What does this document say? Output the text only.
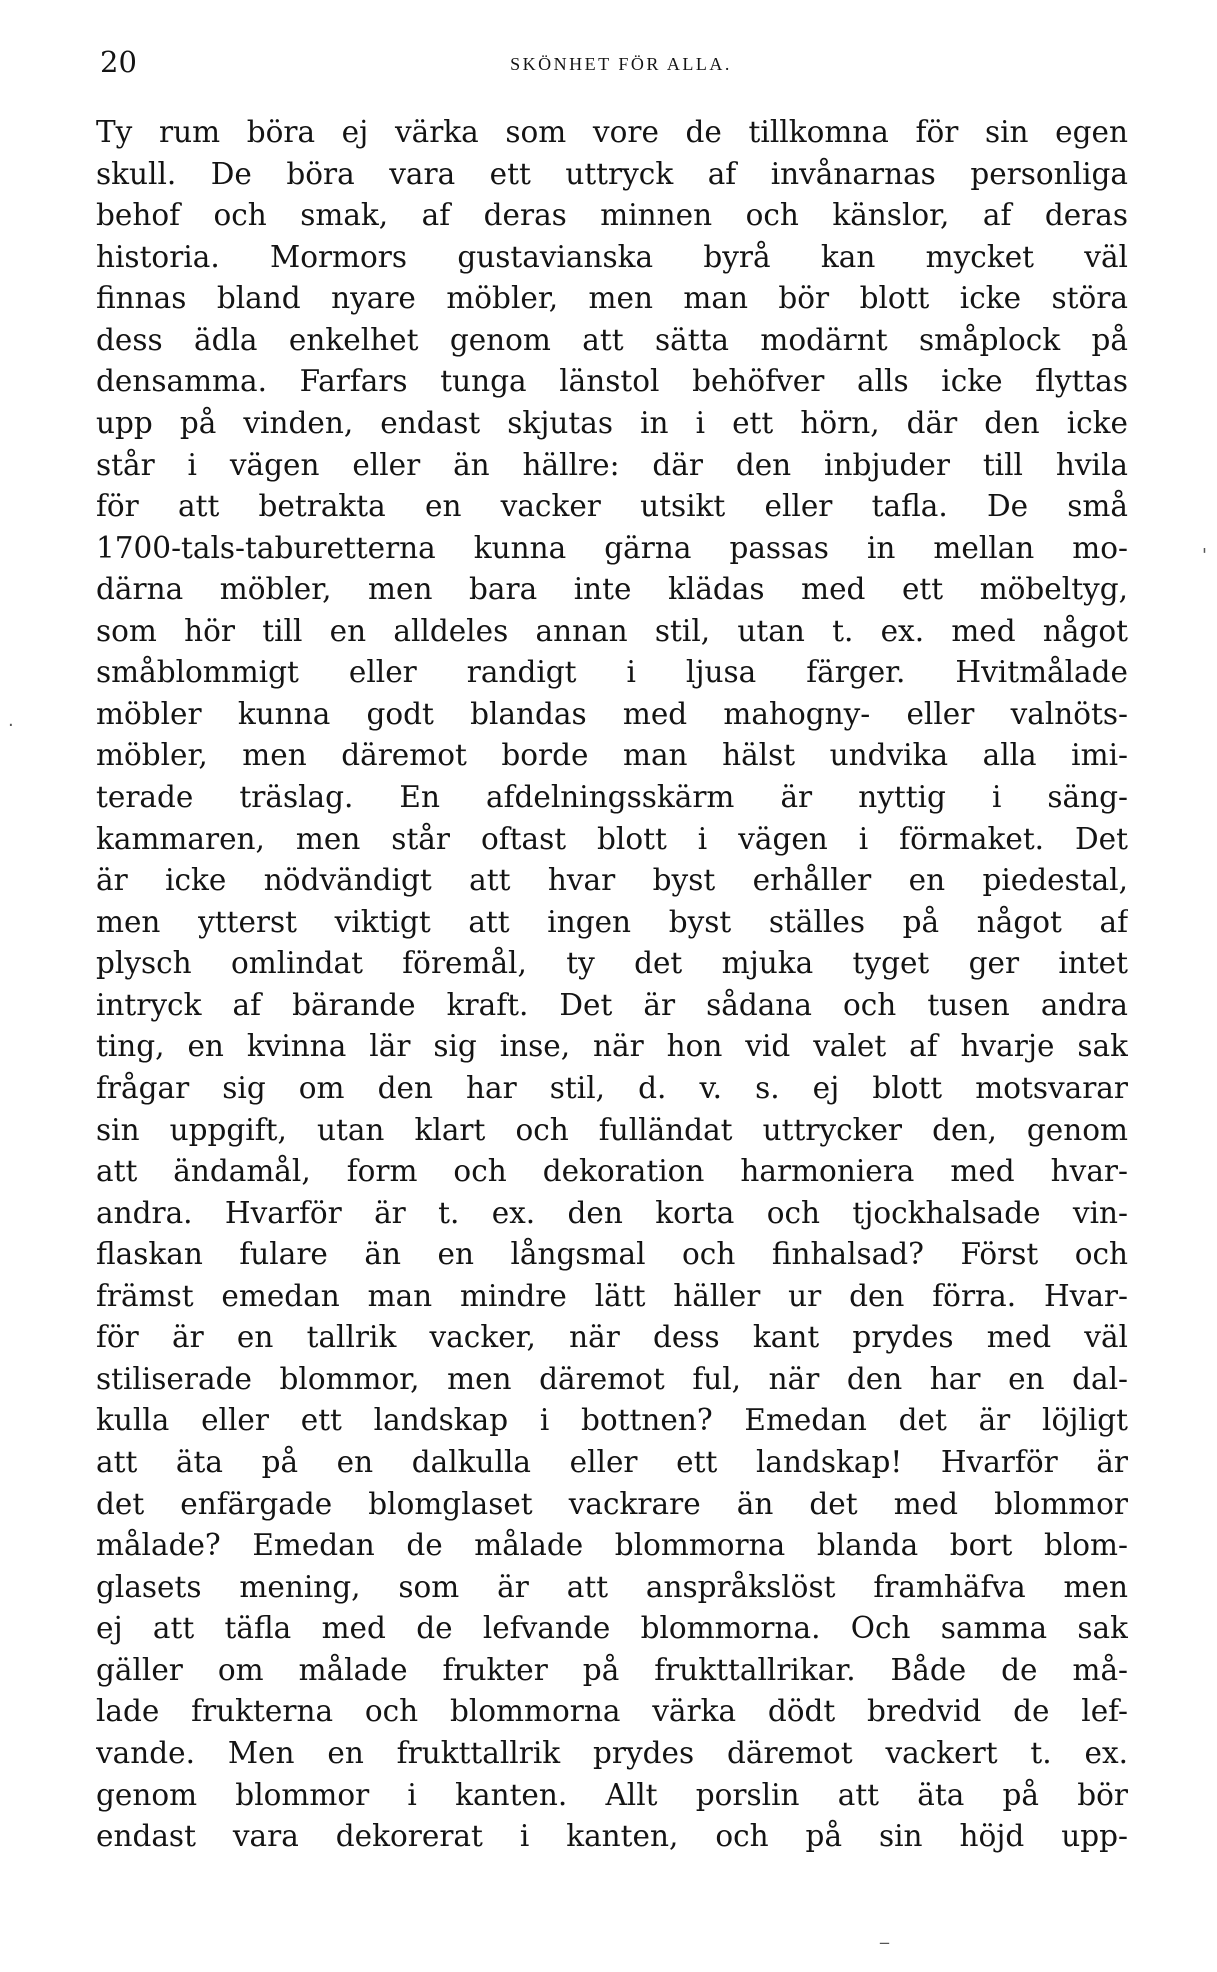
20	SKÖNHET FÖR ALLA.
Ty rum böra ej värka som vore de tillkomna för sin egen
skull. De böra vara ett uttryck af invånarnas personliga
behof och smak, af deras minnen och känslor, af deras
historia. Mormors gustavianska byrå kan mycket väl
finnas bland nyare möbler, men man bör blott icke störa
dess ädla enkelhet genom att sätta modärnt småplock på
densamma. Farfars tunga länstol behöfver alls icke flyttas
upp på vinden, endast skjutas in i ett hörn, där den icke
står i vägen eller än hällre: där den inbjuder till hvila
för att betrakta en vacker utsikt eller tafla. De små
1700-tals-taburetterna kunna gärna passas in mellan mo-
därna möbler, men bara inte klädas med ett möbeltyg,
som hör till en alldeles annan stil, utan t. ex. med något
småblommigt eller randigt i ljusa färger. Hvitmålade
möbler kunna godt blandas med mahogny- eller valnöts-
möbler, men däremot borde man hälst undvika alla imi-
terade träslag. En afdelningsskärm är nyttig i säng-
kammaren, men står oftast blott i vägen i förmaket. Det
är icke nödvändigt att hvar byst erhåller en piedestal,
men ytterst viktigt att ingen byst ställes på något af
plysch omlindat föremål, ty det mjuka tyget ger intet
intryck af bärande kraft. Det är sådana och tusen andra
ting, en kvinna lär sig inse, när hon vid valet af hvarje sak
frågar sig om den har stil, d. v. s. ej blott motsvarar
sin uppgift, utan klart och fulländat uttrycker den, genom
att ändamål, form och dekoration harmoniera med hvar-
andra. Hvarför är t. ex. den korta och tjockhalsade vin-
flaskan fulare än en långsmal och finhalsad? Först och
främst emedan man mindre lätt häller ur den förra. Hvar-
för är en tallrik vacker, när dess kant prydes med väl
stiliserade blommor, men däremot ful, när den har en dal-
kulla eller ett landskap i bottnen? Emedan det är löjligt
att äta på en dalkulla eller ett landskap! Hvarför är
det enfärgade blomglaset vackrare än det med blommor
målade? Emedan de målade blommorna blanda bort blom-
glasets mening, som är att anspråkslöst framhäfva men
ej att täfla med de lefvande blommorna. Och samma sak
gäller om målade frukter på frukttallrikar. Både de må-
lade frukterna och blommorna värka dödt bredvid de lef-
vande. Men en frukttallrik prydes däremot vackert t. ex.
genom blommor i kanten. Allt porslin att äta på bör
endast vara dekorerat i kanten, och på sin höjd upp-
'
·
‾
